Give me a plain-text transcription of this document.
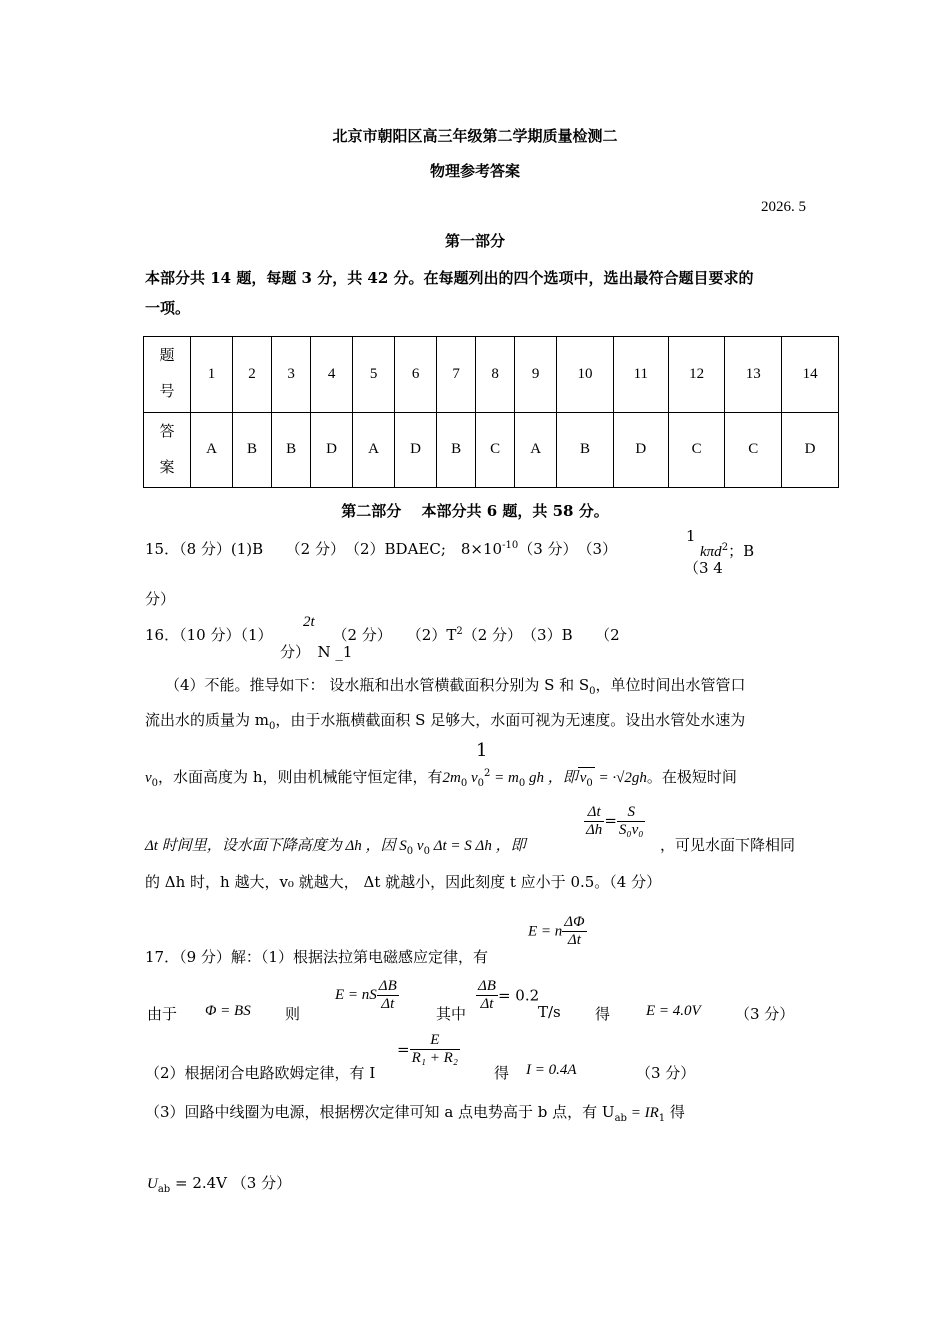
北京市朝阳区高三年级第二学期质量检测二
物理参考答案
2026. 5
第一部分
本部分共 14 题，每题 3 分，共 42 分。在每题列出的四个选项中，选出最符合题目要求的
一项。
题
号	1	2	3	4	5	6	7	8	9	10	11	12	13	14

答
案	A	B	B	D	A	D	B	C	A	B	D	C	C	D
第二部分　 本部分共 6 题，共 58 分。
15．（8 分）(1)B　　（2 分）　（2）BDAEC;　$8\times 10^{-10}(3$ 分）　（3）
1
kπd$^2$；B
（3 4
分）
2t
16．（10 分）（1）	（2 分）　　$(2)T^2(2$ 分）　（3）B　　（2
分）　N _1
（4）不能。推导如下： 设水瓶和出水管横截面积分别为 S 和 $S_0$，单位时间出水管管口
流出水的质量为 $m_0$，由于水瓶横截面积 S 足够大，水面可视为无速度。设出水管处水速为
1
$v_0$，水面高度为 h，则由机械能守恒定律，有$2m_0$ $v_0^2 = m_0$ gh ，即 $v_0 = \cdot√2gh$。在极短时间
Δt 时间里，设水面下降高度为 Δh ，因 $S_0$ $v_0$ Δt = S Δh ，即
$\frac{\Delta t}{\Delta h} = \frac{S}{\text{S₀v₀}}$
，可见水面下降相同
的 Δh 时，h 越大，v₀ 就越大， Δt 就越小，因此刻度 t 应小于 0.5。（4 分）
E = n $\frac{\Delta\Phi}{\Delta t}$
17．（9 分）解：（1）根据法拉第电磁感应定律，有
由于 Φ = BS 则
E = nS $\frac{\Delta B}{\Delta t}$
其中
$\frac{\Delta B}{\Delta t} = 0.2$
T/s 得 E = 4.0V （3 分）
（2）根据闭合电路欧姆定律，有 I
= $\frac{E}{\text{R₁ + R₂}}$
得 I = 0.4A	（3 分）
（3）回路中线圈为电源，根据楞次定律可知 a 点电势高于 b 点，有 $U_{ab} = IR_1$ 得
$U_{ab} = 2.4V$ （3 分）
